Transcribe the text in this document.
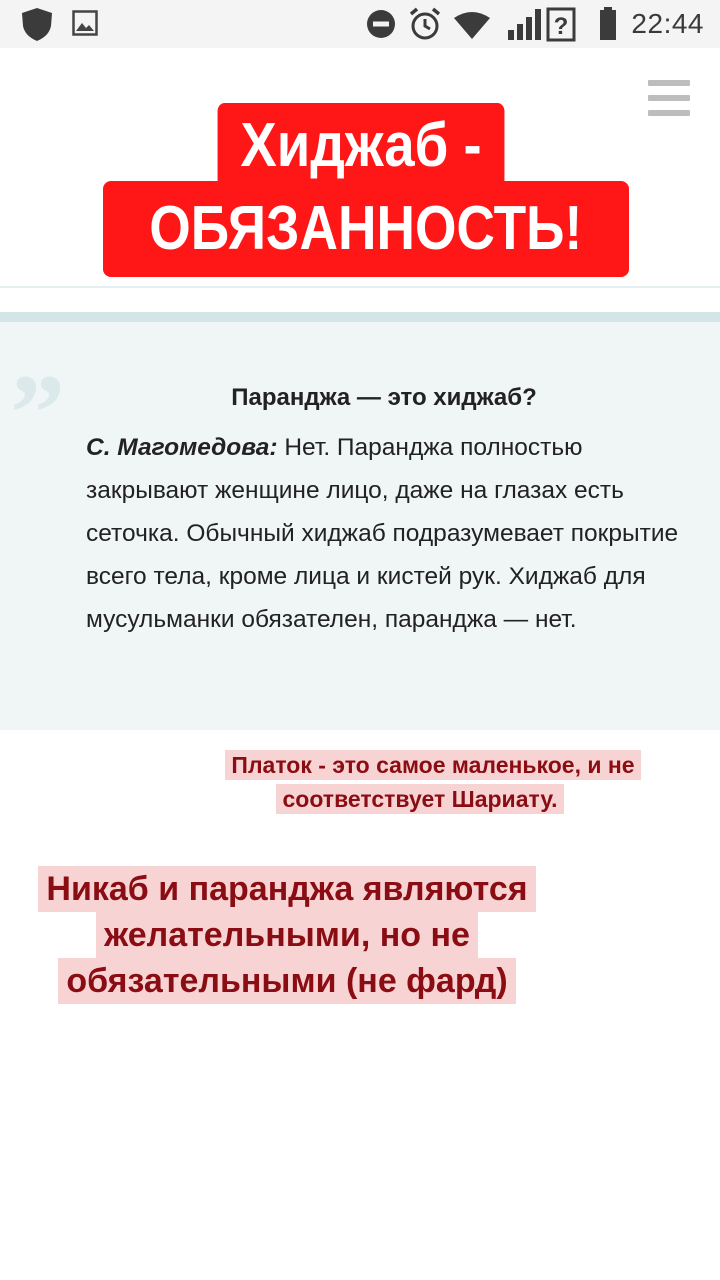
? 22:44
Хиджаб -
ОБЯЗАННОСТЬ!
”	Паранджа — это хиджаб?
С. Магомедова: Нет. Паранджа полностью закрывают женщине лицо, даже на глазах есть сеточка. Обычный хиджаб подразумевает покрытие всего тела, кроме лица и кистей рук. Хиджаб для мусульманки обязателен, паранджа — нет.
Платок - это самое маленькое, и не
соответствует Шариату.
Никаб и паранджа являются
желательными, но не
обязательными (не фард)
